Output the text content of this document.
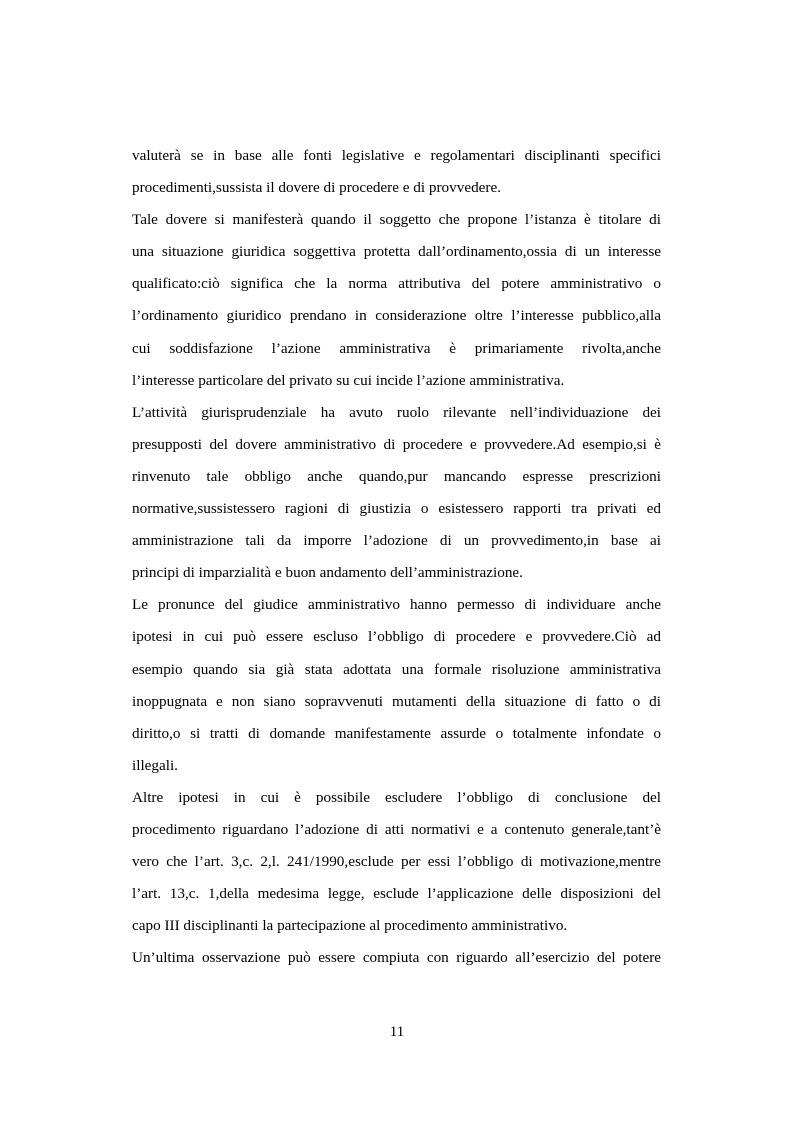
valuterà se in base alle fonti legislative e regolamentari disciplinanti specifici

procedimenti,sussista il dovere di procedere e di provvedere.

Tale dovere si manifesterà quando il soggetto che propone l’istanza è titolare di

una situazione giuridica soggettiva protetta dall’ordinamento,ossia di un interesse

qualificato:ciò significa che la norma attributiva del potere amministrativo o

l’ordinamento giuridico prendano in considerazione oltre l’interesse pubblico,alla

cui soddisfazione l’azione amministrativa è primariamente rivolta,anche

l’interesse particolare del privato su cui incide l’azione amministrativa.

L’attività giurisprudenziale ha avuto ruolo rilevante nell’individuazione dei

presupposti del dovere amministrativo di procedere e provvedere.Ad esempio,si è

rinvenuto tale obbligo anche quando,pur mancando espresse prescrizioni

normative,sussistessero ragioni di giustizia o esistessero rapporti tra privati ed

amministrazione tali da imporre l’adozione di un provvedimento,in base ai

principi di imparzialità e buon andamento dell’amministrazione.

Le pronunce del giudice amministrativo hanno permesso di individuare anche

ipotesi in cui può essere escluso l’obbligo di procedere e provvedere.Ciò ad

esempio quando sia già stata adottata una formale risoluzione amministrativa

inoppugnata e non siano sopravvenuti mutamenti della situazione di fatto o di

diritto,o si tratti di domande manifestamente assurde o totalmente infondate o

illegali.

Altre ipotesi in cui è possibile escludere l’obbligo di conclusione del

procedimento riguardano l’adozione di atti normativi e a contenuto generale,tant’è

vero che l’art. 3,c. 2,l. 241/1990,esclude per essi l’obbligo di motivazione,mentre

l’art. 13,c. 1,della medesima legge, esclude l’applicazione delle disposizioni del

capo III disciplinanti la partecipazione al procedimento amministrativo.

Un’ultima osservazione può essere compiuta con riguardo all’esercizio del potere

11
